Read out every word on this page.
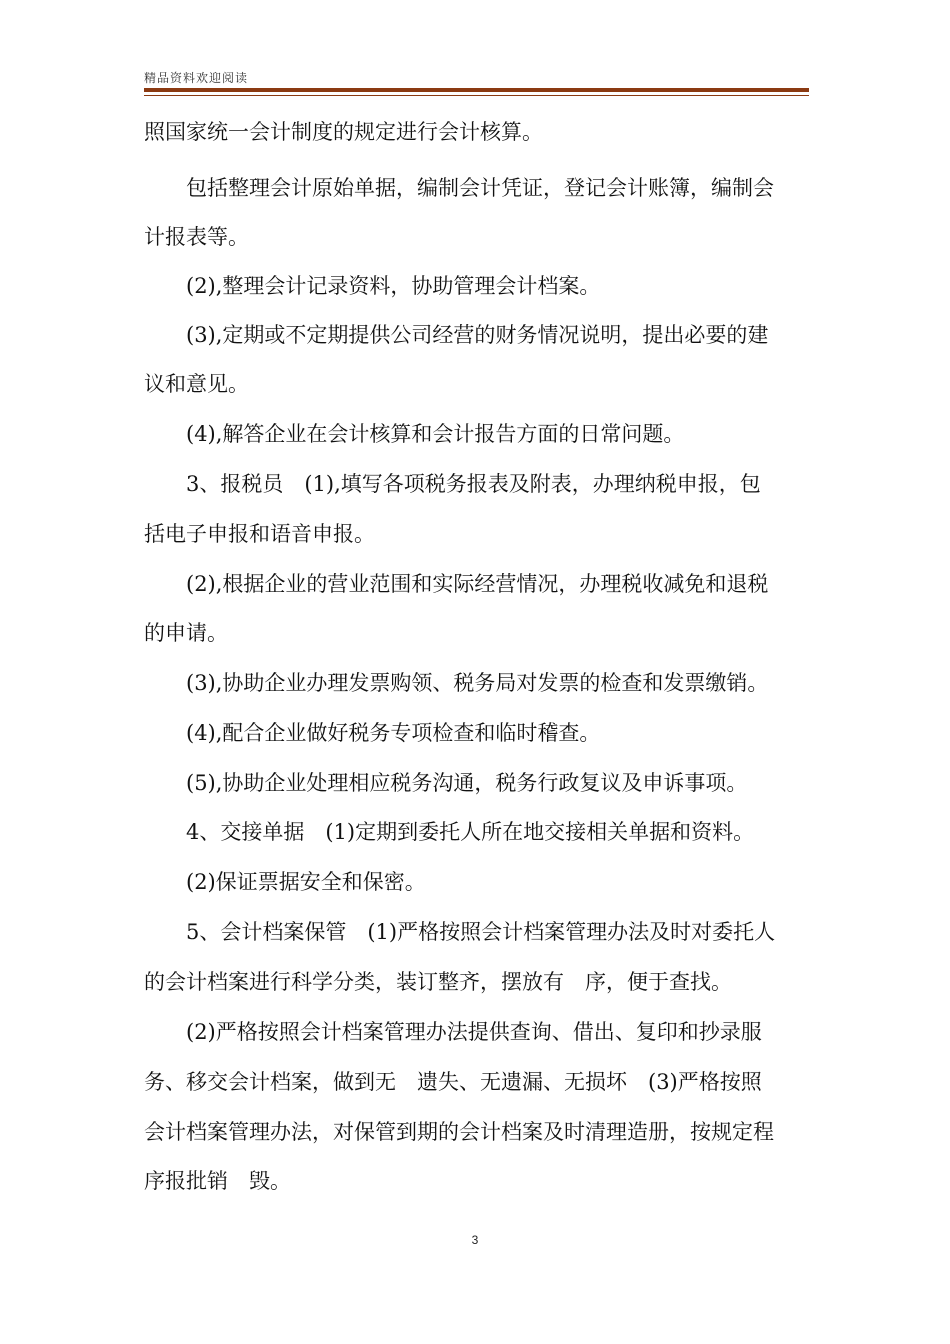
精品资料欢迎阅读
照国家统一会计制度的规定进行会计核算。
　　包括整理会计原始单据，编制会计凭证，登记会计账簿，编制会
计报表等。
　　(2),整理会计记录资料，协助管理会计档案。
　　(3),定期或不定期提供公司经营的财务情况说明，提出必要的建
议和意见。
　　(4),解答企业在会计核算和会计报告方面的日常问题。
　　3、报税员　(1),填写各项税务报表及附表，办理纳税申报，包
括电子申报和语音申报。
　　(2),根据企业的营业范围和实际经营情况，办理税收减免和退税
的申请。
　　(3),协助企业办理发票购领、税务局对发票的检查和发票缴销。
　　(4),配合企业做好税务专项检查和临时稽查。
　　(5),协助企业处理相应税务沟通，税务行政复议及申诉事项。
　　4、交接单据　(1)定期到委托人所在地交接相关单据和资料。
　　(2)保证票据安全和保密。
　　5、会计档案保管　(1)严格按照会计档案管理办法及时对委托人
的会计档案进行科学分类，装订整齐，摆放有　序，便于查找。
　　(2)严格按照会计档案管理办法提供查询、借出、复印和抄录服
务、移交会计档案，做到无　遗失、无遗漏、无损坏　(3)严格按照
会计档案管理办法，对保管到期的会计档案及时清理造册，按规定程
序报批销　毁。
3
